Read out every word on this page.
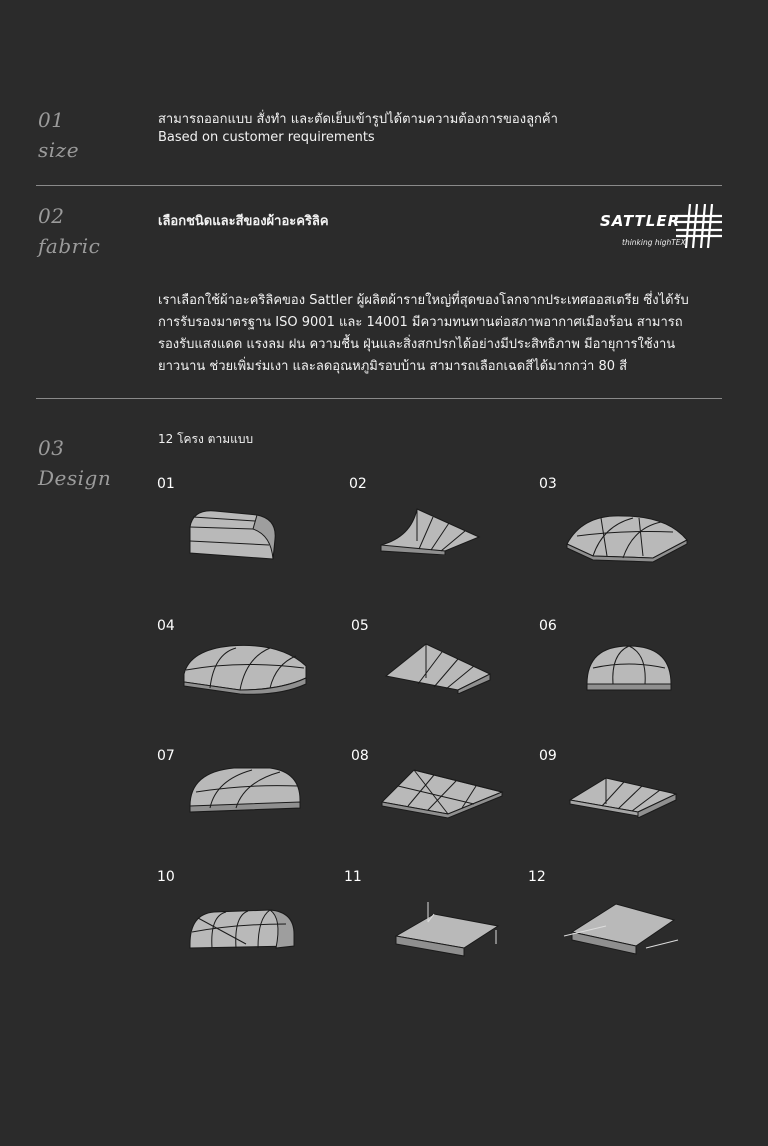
01
size
สามารถออกแบบ สั่งทำ และตัดเย็บเข้ารูปได้ตามความต้องการของลูกค้า
Based on customer requirements
02
fabric
เลือกชนิดและสีของผ้าอะคริลิค	SATTLER
thinking highTEX
เราเลือกใช้ผ้าอะคริลิคของ Sattler ผู้ผลิตผ้ารายใหญ่ที่สุดของโลกจากประเทศออสเตรีย ซึ่งได้รับ
การรับรองมาตรฐาน ISO 9001 และ 14001 มีความทนทานต่อสภาพอากาศเมืองร้อน สามารถ
รองรับแสงแดด แรงลม ฝน ความชื้น ฝุ่นและสิ่งสกปรกได้อย่างมีประสิทธิภาพ มีอายุการใช้งาน
ยาวนาน ช่วยเพิ่มร่มเงา และลดอุณหภูมิรอบบ้าน สามารถเลือกเฉดสีได้มากกว่า 80 สี
03
Design
12 โครง ตามแบบ
01	02	03
04	05	06
07	08	09
10	11	12
